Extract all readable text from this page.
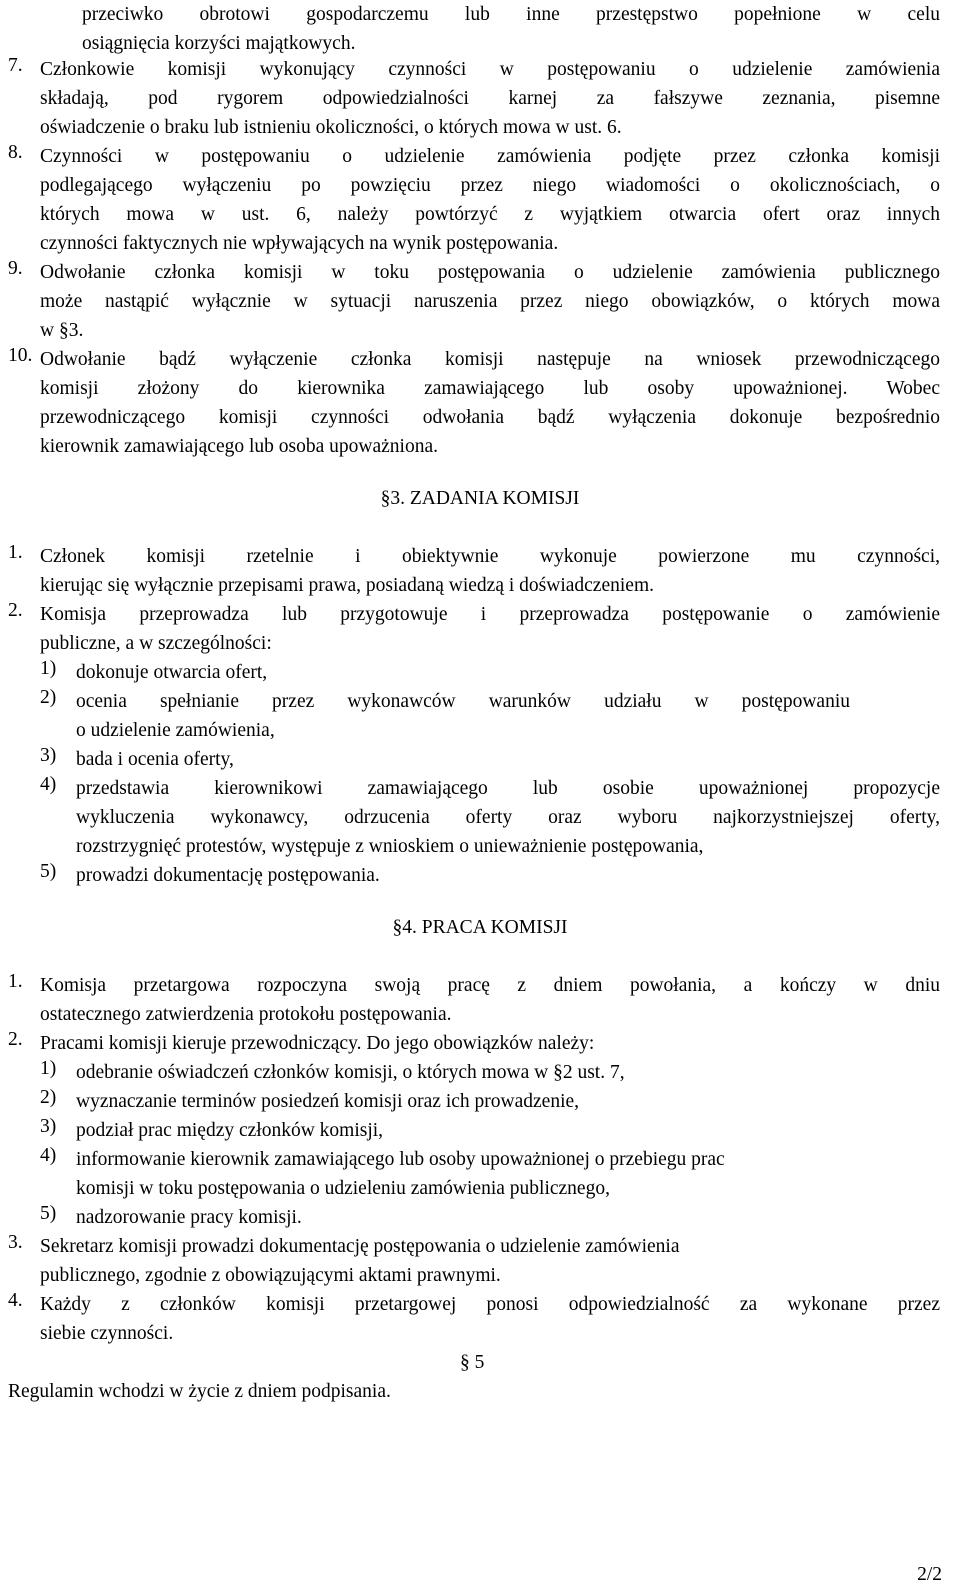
przeciwko obrotowi gospodarczemu lub inne przestępstwo popełnione w celu
osiągnięcia korzyści majątkowych.
7. Członkowie komisji wykonujący czynności w postępowaniu o udzielenie zamówienia
składają, pod rygorem odpowiedzialności karnej za fałszywe zeznania, pisemne
oświadczenie o braku lub istnieniu okoliczności, o których mowa w ust. 6.
8. Czynności w postępowaniu o udzielenie zamówienia podjęte przez członka komisji
podlegającego wyłączeniu po powzięciu przez niego wiadomości o okolicznościach, o
których mowa w ust. 6, należy powtórzyć z wyjątkiem otwarcia ofert oraz innych
czynności faktycznych nie wpływających na wynik postępowania.
9. Odwołanie członka komisji w toku postępowania o udzielenie zamówienia publicznego
może nastąpić wyłącznie w sytuacji naruszenia przez niego obowiązków, o których mowa
w §3.
10. Odwołanie bądź wyłączenie członka komisji następuje na wniosek przewodniczącego
komisji złożony do kierownika zamawiającego lub osoby upoważnionej. Wobec
przewodniczącego komisji czynności odwołania bądź wyłączenia dokonuje bezpośrednio
kierownik zamawiającego lub osoba upoważniona.
§3. ZADANIA KOMISJI
1. Członek komisji rzetelnie i obiektywnie wykonuje powierzone mu czynności,
kierując się wyłącznie przepisami prawa, posiadaną wiedzą i doświadczeniem.
2. Komisja przeprowadza lub przygotowuje i przeprowadza postępowanie o zamówienie
publiczne, a w szczególności:
1) dokonuje otwarcia ofert,
2) ocenia spełnianie przez wykonawców warunków udziału w postępowaniu
o udzielenie zamówienia,
3) bada i ocenia oferty,
4) przedstawia kierownikowi zamawiającego lub osobie upoważnionej propozycje
wykluczenia wykonawcy, odrzucenia oferty oraz wyboru najkorzystniejszej oferty,
rozstrzygnięć protestów, występuje z wnioskiem o unieważnienie postępowania,
5) prowadzi dokumentację postępowania.
§4. PRACA KOMISJI
1. Komisja przetargowa rozpoczyna swoją pracę z dniem powołania, a kończy w dniu
ostatecznego zatwierdzenia protokołu postępowania.
2. Pracami komisji kieruje przewodniczący. Do jego obowiązków należy:
1) odebranie oświadczeń członków komisji, o których mowa w §2 ust. 7,
2) wyznaczanie terminów posiedzeń komisji oraz ich prowadzenie,
3) podział prac między członków komisji,
4) informowanie kierownik zamawiającego lub osoby upoważnionej o przebiegu prac
komisji w toku postępowania o udzieleniu zamówienia publicznego,
5) nadzorowanie pracy komisji.
3. Sekretarz komisji prowadzi dokumentację postępowania o udzielenie zamówienia
publicznego, zgodnie z obowiązującymi aktami prawnymi.
4. Każdy z członków komisji przetargowej ponosi odpowiedzialność za wykonane przez
siebie czynności.
§ 5
Regulamin wchodzi w życie z dniem podpisania.
2/2
